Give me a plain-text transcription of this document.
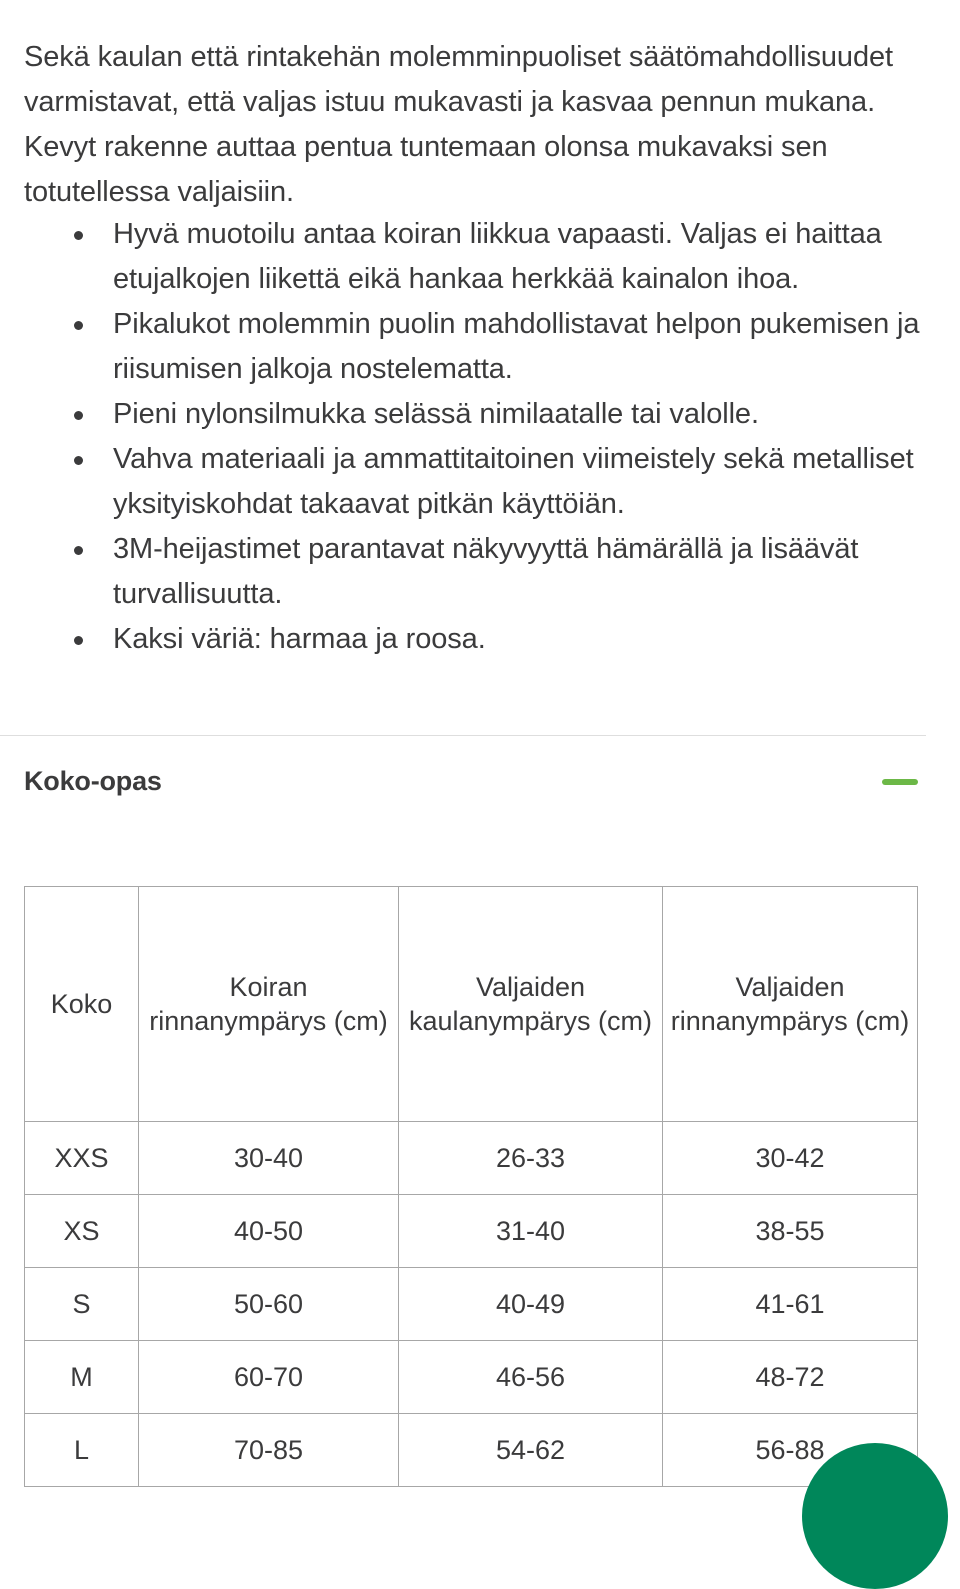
Sekä kaulan että rintakehän molemminpuoliset säätömahdollisuudet varmistavat, että valjas istuu mukavasti ja kasvaa pennun mukana. Kevyt rakenne auttaa pentua tuntemaan olonsa mukavaksi sen totutellessa valjaisiin.

Hyvä muotoilu antaa koiran liikkua vapaasti. Valjas ei haittaa etujalkojen liikettä eikä hankaa herkkää kainalon ihoa.
Pikalukot molemmin puolin mahdollistavat helpon pukemisen ja riisumisen jalkoja nostelematta.
Pieni nylonsilmukka selässä nimilaatalle tai valolle.
Vahva materiaali ja ammattitaitoinen viimeistely sekä metalliset yksityiskohdat takaavat pitkän käyttöiän.
3M-heijastimet parantavat näkyvyyttä hämärällä ja lisäävät turvallisuutta.
Kaksi väriä: harmaa ja roosa.
Koko-opas
Koko	Koiran rinnanympärys (cm)	Valjaiden kaulanympärys (cm)	Valjaiden rinnanympärys (cm)
XXS	30-40	26-33	30-42
XS	40-50	31-40	38-55
S	50-60	40-49	41-61
M	60-70	46-56	48-72
L	70-85	54-62	56-88
